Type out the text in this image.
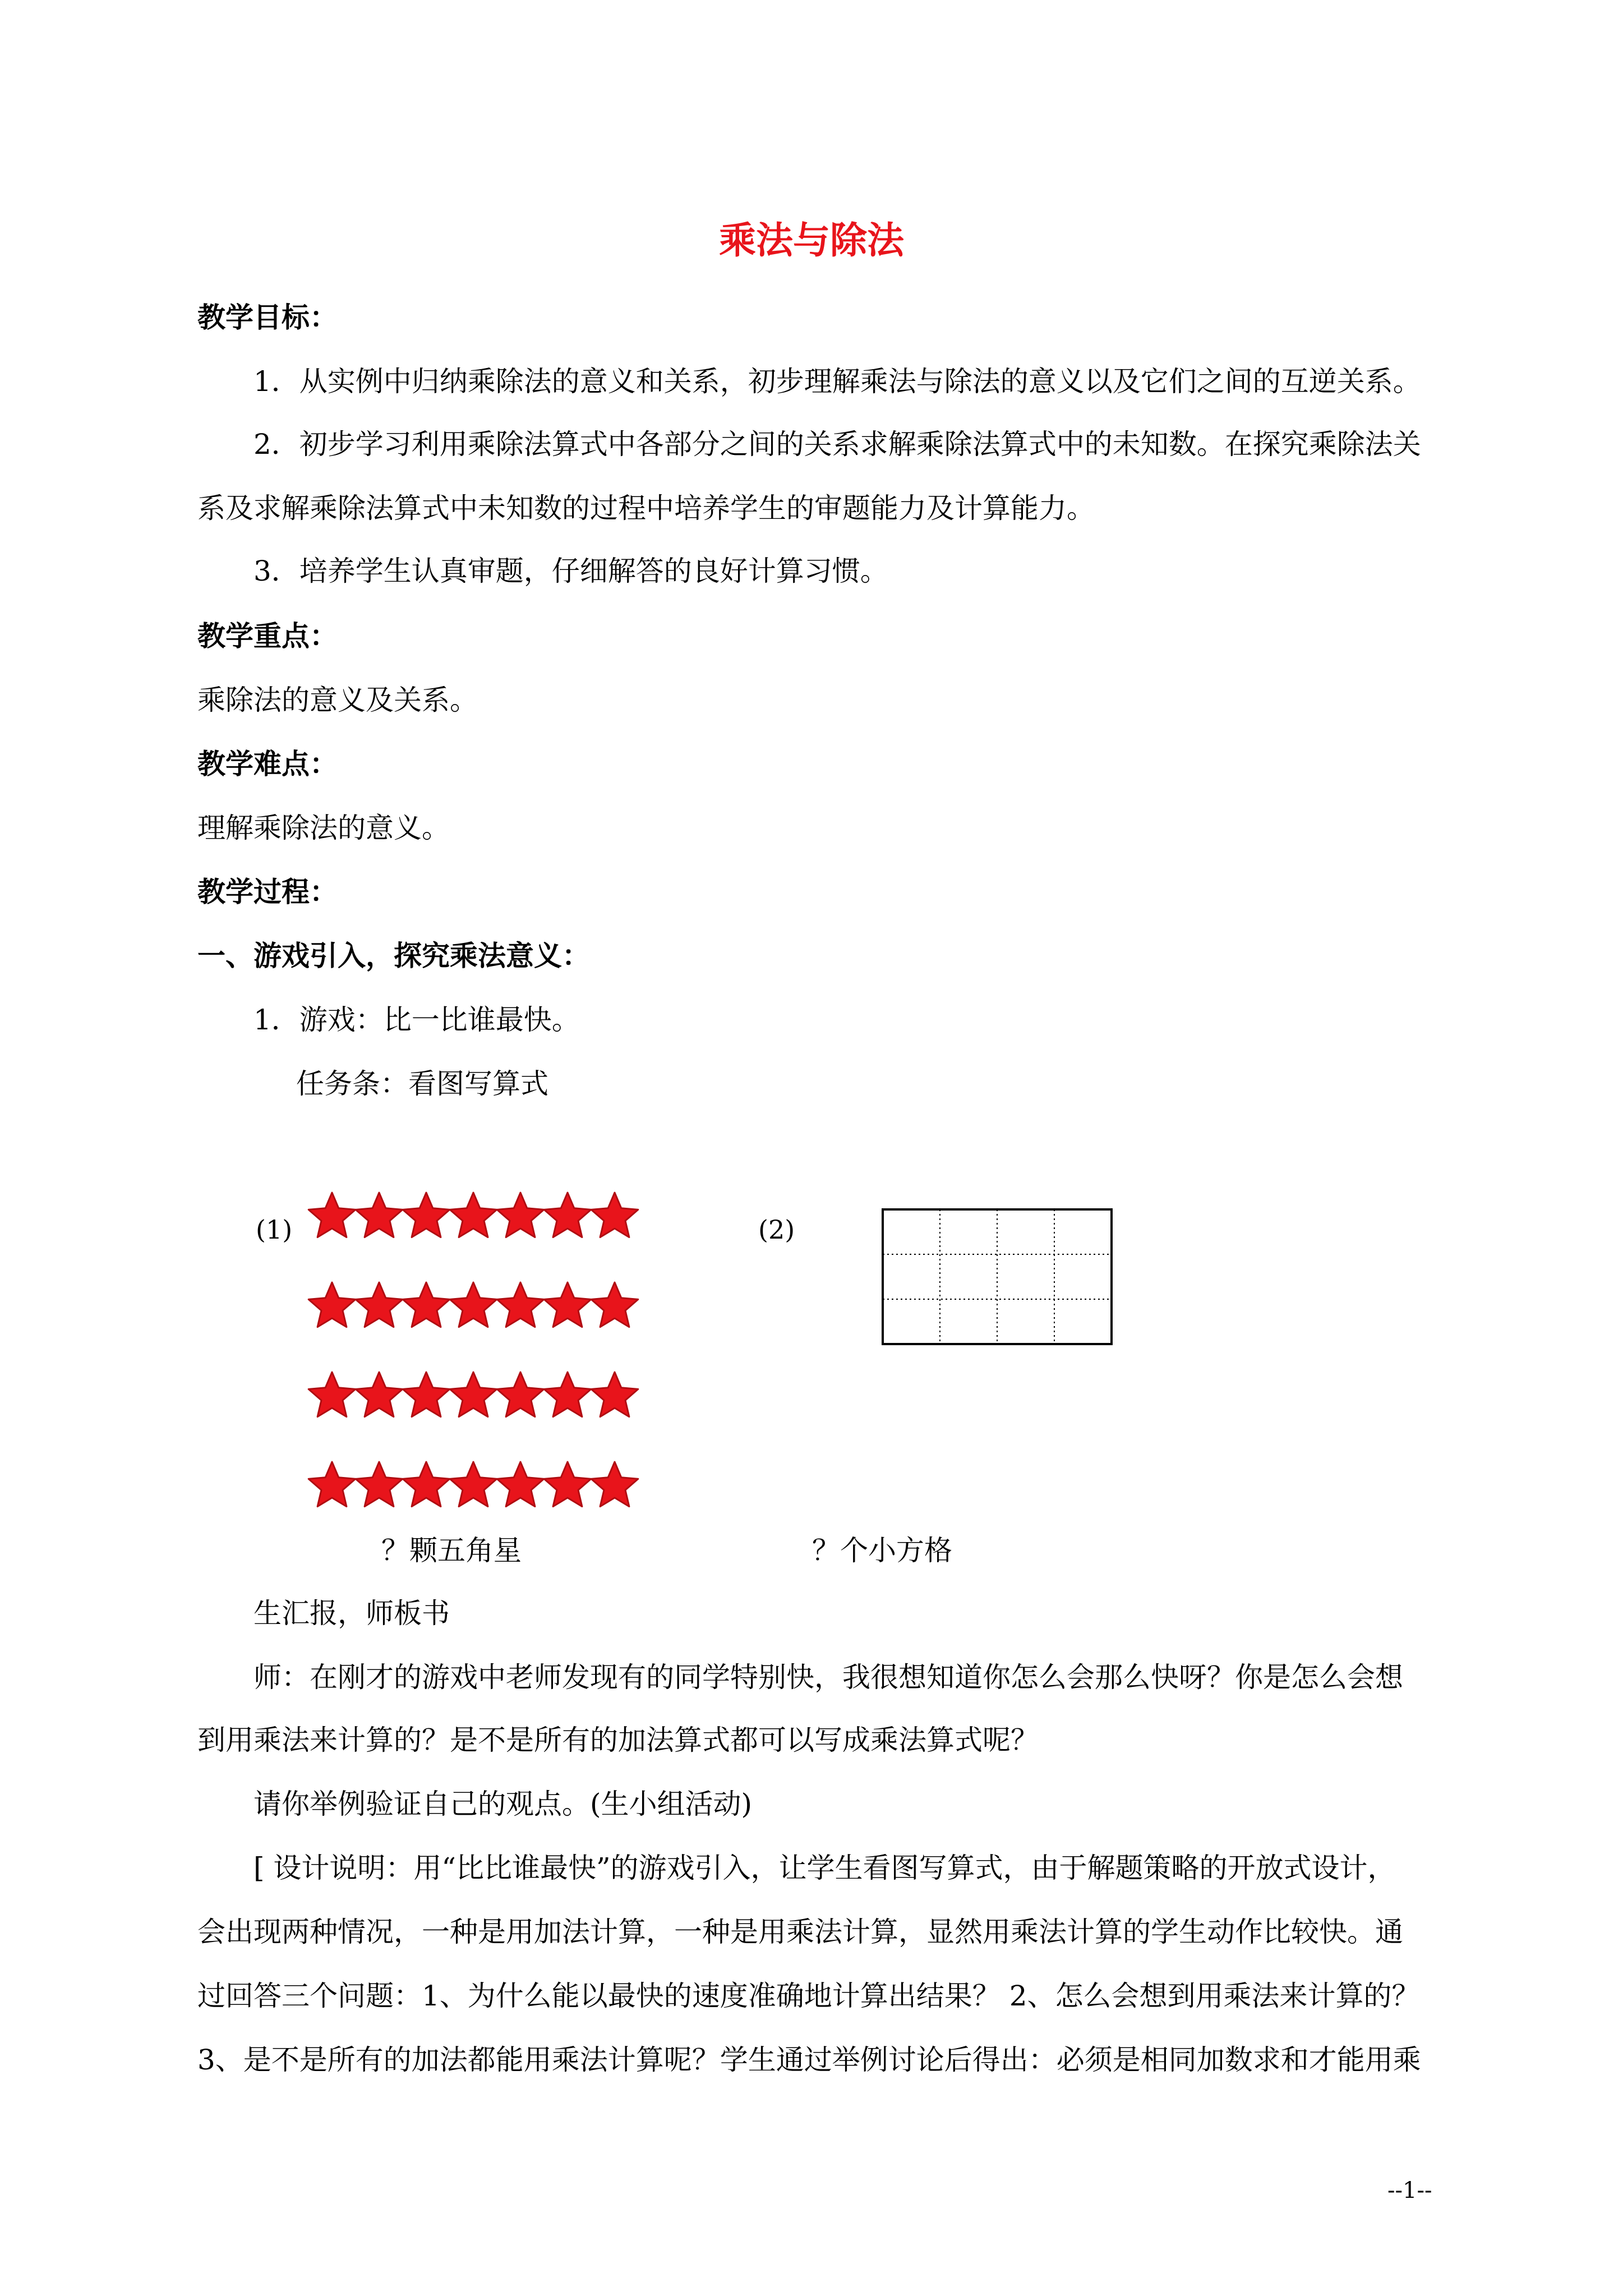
乘法与除法
教学目标：
1．从实例中归纳乘除法的意义和关系，初步理解乘法与除法的意义以及它们之间的互逆关系。
2．初步学习利用乘除法算式中各部分之间的关系求解乘除法算式中的未知数。在探究乘除法关
系及求解乘除法算式中未知数的过程中培养学生的审题能力及计算能力。
3．培养学生认真审题，仔细解答的良好计算习惯。
教学重点：
乘除法的意义及关系。
教学难点：
理解乘除法的意义。
教学过程：
一、游戏引入，探究乘法意义：
1．游戏：比一比谁最快。
任务条：看图写算式
(1)	(2)
？颗五角星	？个小方格
生汇报，师板书
师：在刚才的游戏中老师发现有的同学特别快，我很想知道你怎么会那么快呀？你是怎么会想
到用乘法来计算的？是不是所有的加法算式都可以写成乘法算式呢？
请你举例验证自己的观点。(生小组活动)
[ 设计说明：用“比比谁最快”的游戏引入，让学生看图写算式，由于解题策略的开放式设计，
会出现两种情况，一种是用加法计算，一种是用乘法计算，显然用乘法计算的学生动作比较快。通
过回答三个问题：1、为什么能以最快的速度准确地计算出结果？ 2、怎么会想到用乘法来计算的？
3、是不是所有的加法都能用乘法计算呢？学生通过举例讨论后得出：必须是相同加数求和才能用乘
--1--
